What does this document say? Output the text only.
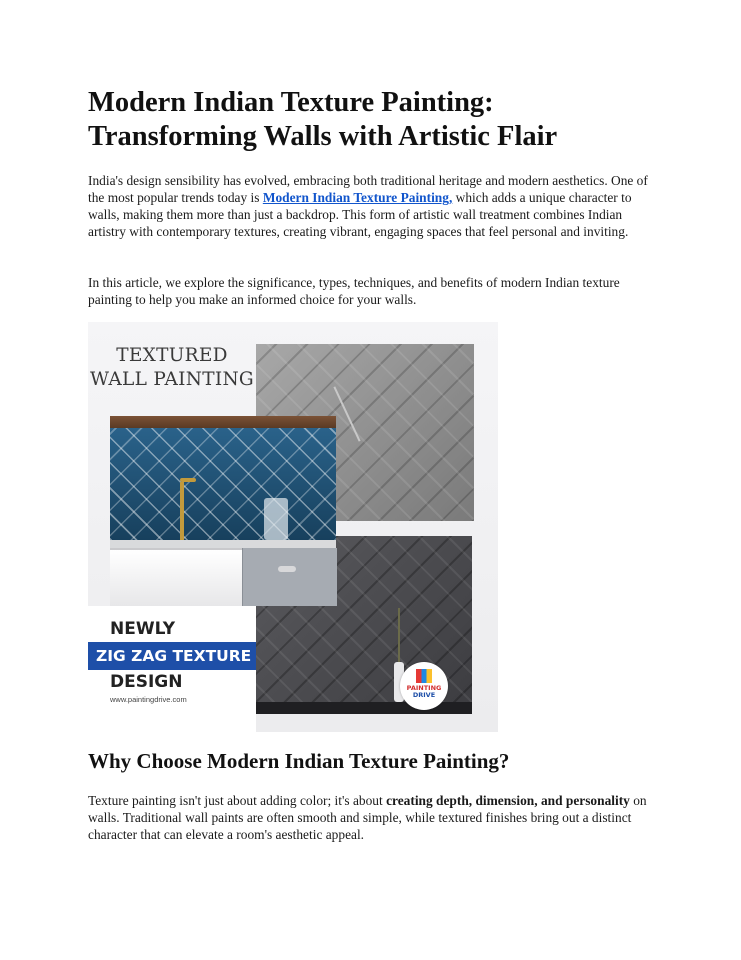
Modern Indian Texture Painting: Transforming Walls with Artistic Flair

India's design sensibility has evolved, embracing both traditional heritage and modern aesthetics. One of the most popular trends today is Modern Indian Texture Painting, which adds a unique character to walls, making them more than just a backdrop. This form of artistic wall treatment combines Indian artistry with contemporary textures, creating vibrant, engaging spaces that feel personal and inviting.

In this article, we explore the significance, types, techniques, and benefits of modern Indian texture painting to help you make an informed choice for your walls.

Why Choose Modern Indian Texture Painting?

Texture painting isn't just about adding color; it's about creating depth, dimension, and personality on walls. Traditional wall paints are often smooth and simple, while textured finishes bring out a distinct character that can elevate a room's aesthetic appeal.

TEXTURED
WALL PAINTING
NEWLY
ZIG ZAG TEXTURE
DESIGN
www.paintingdrive.com
PAINTING
DRIVE
